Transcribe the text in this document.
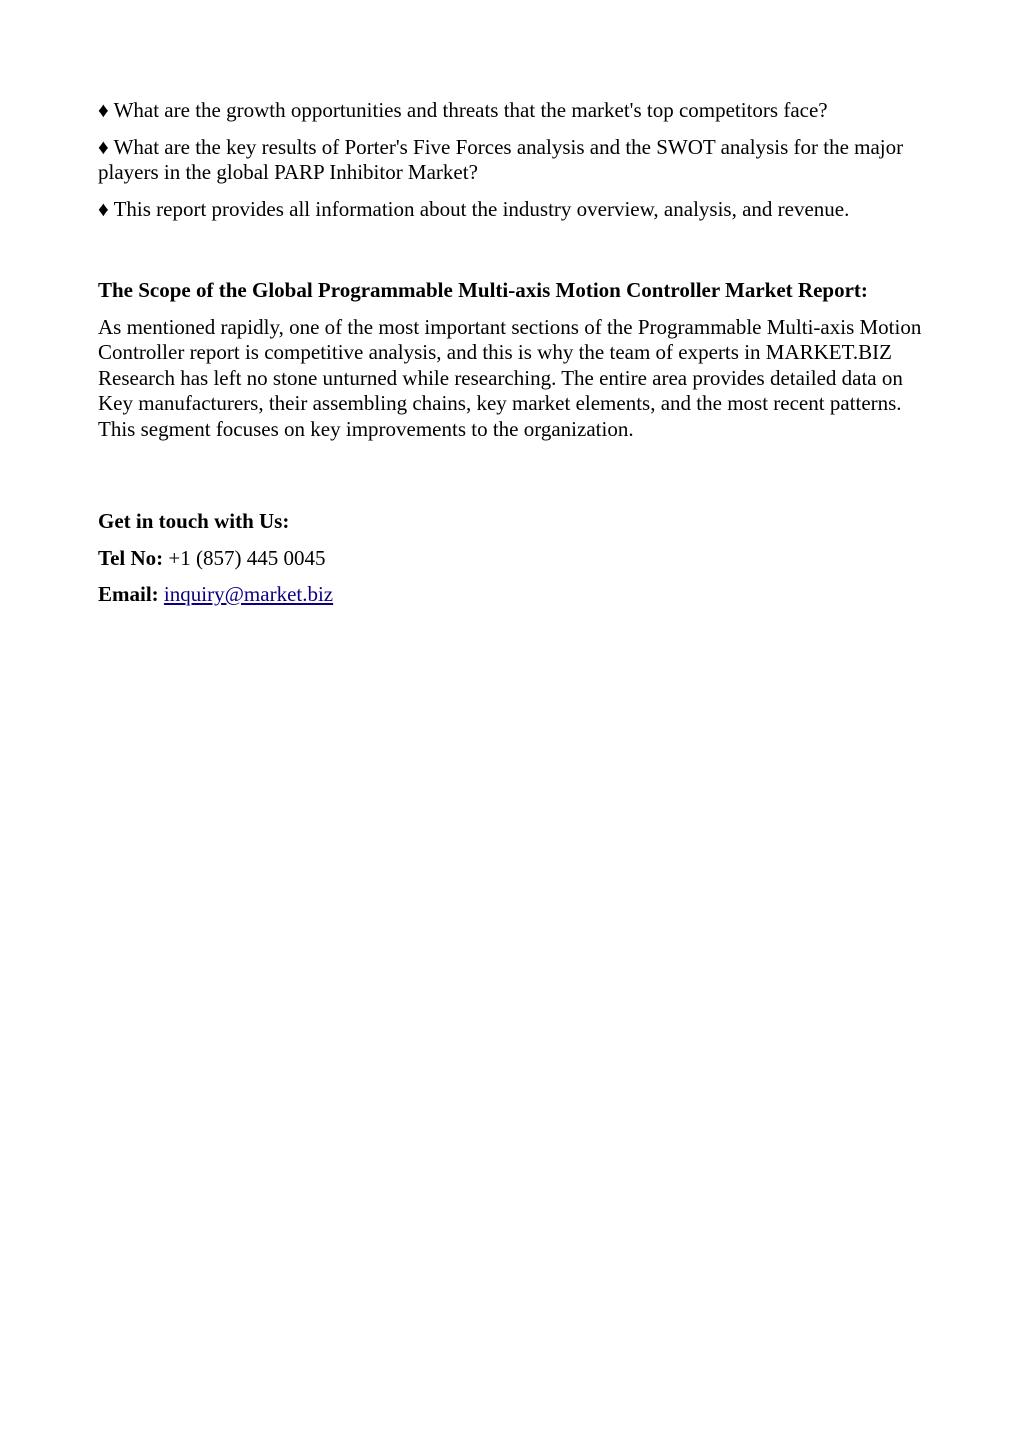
♦ What are the growth opportunities and threats that the market's top competitors face?

♦ What are the key results of Porter's Five Forces analysis and the SWOT analysis for the major players in the global PARP Inhibitor Market?

♦ This report provides all information about the industry overview, analysis, and revenue.

The Scope of the Global Programmable Multi-axis Motion Controller Market Report:

As mentioned rapidly, one of the most important sections of the Programmable Multi-axis Motion Controller report is competitive analysis, and this is why the team of experts in MARKET.BIZ Research has left no stone unturned while researching. The entire area provides detailed data on Key manufacturers, their assembling chains, key market elements, and the most recent patterns. This segment focuses on key improvements to the organization.

Get in touch with Us:

Tel No: +1 (857) 445 0045

Email: inquiry@market.biz
